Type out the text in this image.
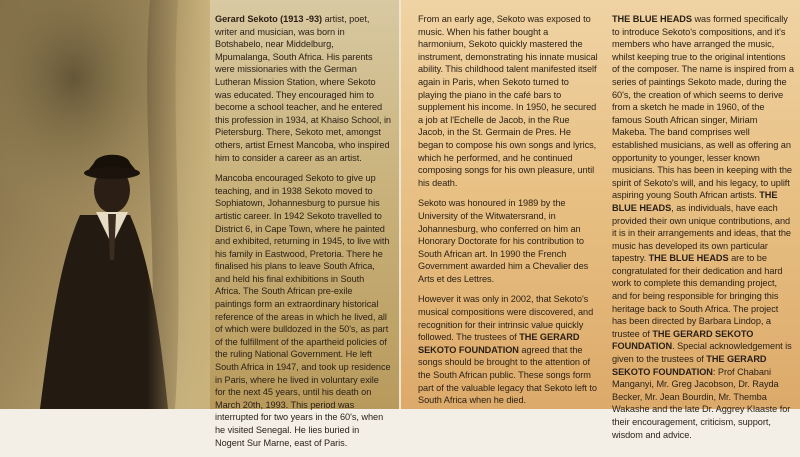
Gerard Sekoto (1913 -93) artist, poet, writer and musician, was born in Botshabelo, near Middelburg, Mpumalanga, South Africa. His parents were missionaries with the German Lutheran Mission Station, where Sekoto was educated. They encouraged him to become a school teacher, and he entered this profession in 1934, at Khaiso School, in Pietersburg. There, Sekoto met, amongst others, artist Ernest Mancoba, who inspired him to consider a career as an artist.

Mancoba encouraged Sekoto to give up teaching, and in 1938 Sekoto moved to Sophiatown, Johannesburg to pursue his artistic career. In 1942 Sekoto travelled to District 6, in Cape Town, where he painted and exhibited, returning in 1945, to live with his family in Eastwood, Pretoria. There he finalised his plans to leave South Africa, and held his final exhibitions in South Africa. The South African pre-exile paintings form an extraordinary historical reference of the areas in which he lived, all of which were bulldozed in the 50's, as part of the fulfillment of the apartheid policies of the ruling National Government. He left South Africa in 1947, and took up residence in Paris, where he lived in voluntary exile for the next 45 years, until his death on March 20th, 1993. This period was interrupted for two years in the 60's, when he visited Senegal. He lies buried in Nogent Sur Marne, east of Paris.

From an early age, Sekoto was exposed to music. When his father bought a harmonium, Sekoto quickly mastered the instrument, demonstrating his innate musical ability. This childhood talent manifested itself again in Paris, when Sekoto turned to playing the piano in the café bars to supplement his income. In 1950, he secured a job at l'Echelle de Jacob, in the Rue Jacob, in the St. Germain de Pres. He began to compose his own songs and lyrics, which he performed, and he continued composing songs for his own pleasure, until his death.

Sekoto was honoured in 1989 by the University of the Witwatersrand, in Johannesburg, who conferred on him an Honorary Doctorate for his contribution to South African art. In 1990 the French Government awarded him a Chevalier des Arts et des Lettres.

However it was only in 2002, that Sekoto's musical compositions were discovered, and recognition for their intrinsic value quickly followed. The trustees of THE GERARD SEKOTO FOUNDATION agreed that the songs should be brought to the attention of the South African public. These songs form part of the valuable legacy that Sekoto left to South Africa when he died.

THE BLUE HEADS was formed specifically to introduce Sekoto's compositions, and it's members who have arranged the music, whilst keeping true to the original intentions of the composer. The name is inspired from a series of paintings Sekoto made, during the 60's, the creation of which seems to derive from a sketch he made in 1960, of the famous South African singer, Miriam Makeba. The band comprises well established musicians, as well as offering an opportunity to younger, lesser known musicians. This has been in keeping with the spirit of Sekoto's will, and his legacy, to uplift aspiring young South African artists. THE BLUE HEADS, as individuals, have each provided their own unique contributions, and it is in their arrangements and ideas, that the music has developed its own particular tapestry. THE BLUE HEADS are to be congratulated for their dedication and hard work to complete this demanding project, and for being responsible for bringing this heritage back to South Africa. The project has been directed by Barbara Lindop, a trustee of THE GERARD SEKOTO FOUNDATION. Special acknowledgement is given to the trustees of THE GERARD SEKOTO FOUNDATION: Prof Chabani Manganyi, Mr. Greg Jacobson, Dr. Rayda Becker, Mr. Jean Bourdin, Mr. Themba Wakashe and the late Dr. Aggrey Klaaste for their encouragement, criticism, support, wisdom and advice.
